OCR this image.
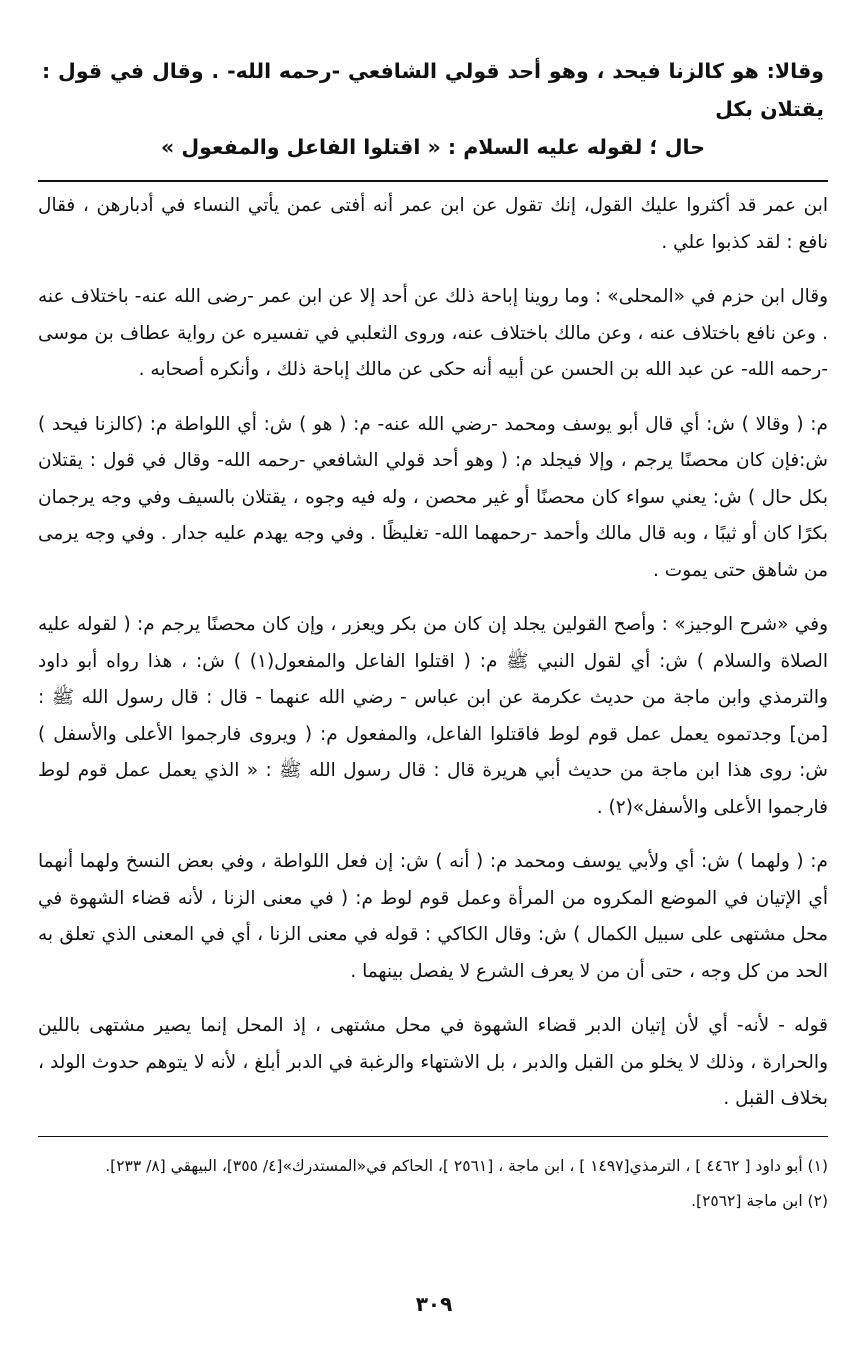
وقالا: هو كالزنا فيحد ، وهو أحد قولي الشافعي -رحمه الله- . وقال في قول : يقتلان بكل
حال ؛ لقوله عليه السلام : « اقتلوا الفاعل والمفعول »

ابن عمر قد أكثروا عليك القول، إنك تقول عن ابن عمر أنه أفتى عمن يأتي النساء في أدبارهن ، فقال نافع : لقد كذبوا علي .

وقال ابن حزم في «المحلى» : وما روينا إباحة ذلك عن أحد إلا عن ابن عمر -رضى الله عنه- باختلاف عنه . وعن نافع باختلاف عنه ، وعن مالك باختلاف عنه، وروى الثعلبي في تفسيره عن رواية عطاف بن موسى -رحمه الله- عن عبد الله بن الحسن عن أبيه أنه حكى عن مالك إباحة ذلك ، وأنكره أصحابه .

م: ( وقالا ) ش: أي قال أبو يوسف ومحمد -رضي الله عنه- م: ( هو ) ش: أي اللواطة م: (كالزنا فيحد ) ش:فإن كان محصنًا يرجم ، وإلا فيجلد م: ( وهو أحد قولي الشافعي -رحمه الله- وقال في قول : يقتلان بكل حال ) ش: يعني سواء كان محصنًا أو غير محصن ، وله فيه وجوه ، يقتلان بالسيف وفي وجه يرجمان بكرًا كان أو ثيبًا ، وبه قال مالك وأحمد -رحمهما الله- تغليظًا . وفي وجه يهدم عليه جدار . وفي وجه يرمى من شاهق حتى يموت .

وفي «شرح الوجيز» : وأصح القولين يجلد إن كان من بكر ويعزر ، وإن كان محصنًا يرجم م: ( لقوله عليه الصلاة والسلام ) ش: أي لقول النبي ﷺ م: ( اقتلوا الفاعل والمفعول(١) ) ش: ، هذا رواه أبو داود والترمذي وابن ماجة من حديث عكرمة عن ابن عباس - رضي الله عنهما - قال : قال رسول الله ﷺ : [من] وجدتموه يعمل عمل قوم لوط فاقتلوا الفاعل، والمفعول م: ( ويروى فارجموا الأعلى والأسفل ) ش: روى هذا ابن ماجة من حديث أبي هريرة قال : قال رسول الله ﷺ : « الذي يعمل عمل قوم لوط فارجموا الأعلى والأسفل»(٢) .

م: ( ولهما ) ش: أي ولأبي يوسف ومحمد م: ( أنه ) ش: إن فعل اللواطة ، وفي بعض النسخ ولهما أنهما أي الإتيان في الموضع المكروه من المرأة وعمل قوم لوط م: ( في معنى الزنا ، لأنه قضاء الشهوة في محل مشتهى على سبيل الكمال ) ش: وقال الكاكي : قوله في معنى الزنا ، أي في المعنى الذي تعلق به الحد من كل وجه ، حتى أن من لا يعرف الشرع لا يفصل بينهما .

قوله - لأنه- أي لأن إتيان الدبر قضاء الشهوة في محل مشتهى ، إذ المحل إنما يصير مشتهى باللين والحرارة ، وذلك لا يخلو من القبل والدبر ، بل الاشتهاء والرغبة في الدبر أبلغ ، لأنه لا يتوهم حدوث الولد ، بخلاف القبل .

(١) أبو داود [ ٤٤٦٢ ] ، الترمذي[١٤٩٧ ] ، ابن ماجة ، [٢٥٦١ ]، الحاكم في«المستدرك»[٤/ ٣٥٥]، البيهقي [٨/ ٢٣٣].

(٢) ابن ماجة [٢٥٦٢].

٣٠٩
